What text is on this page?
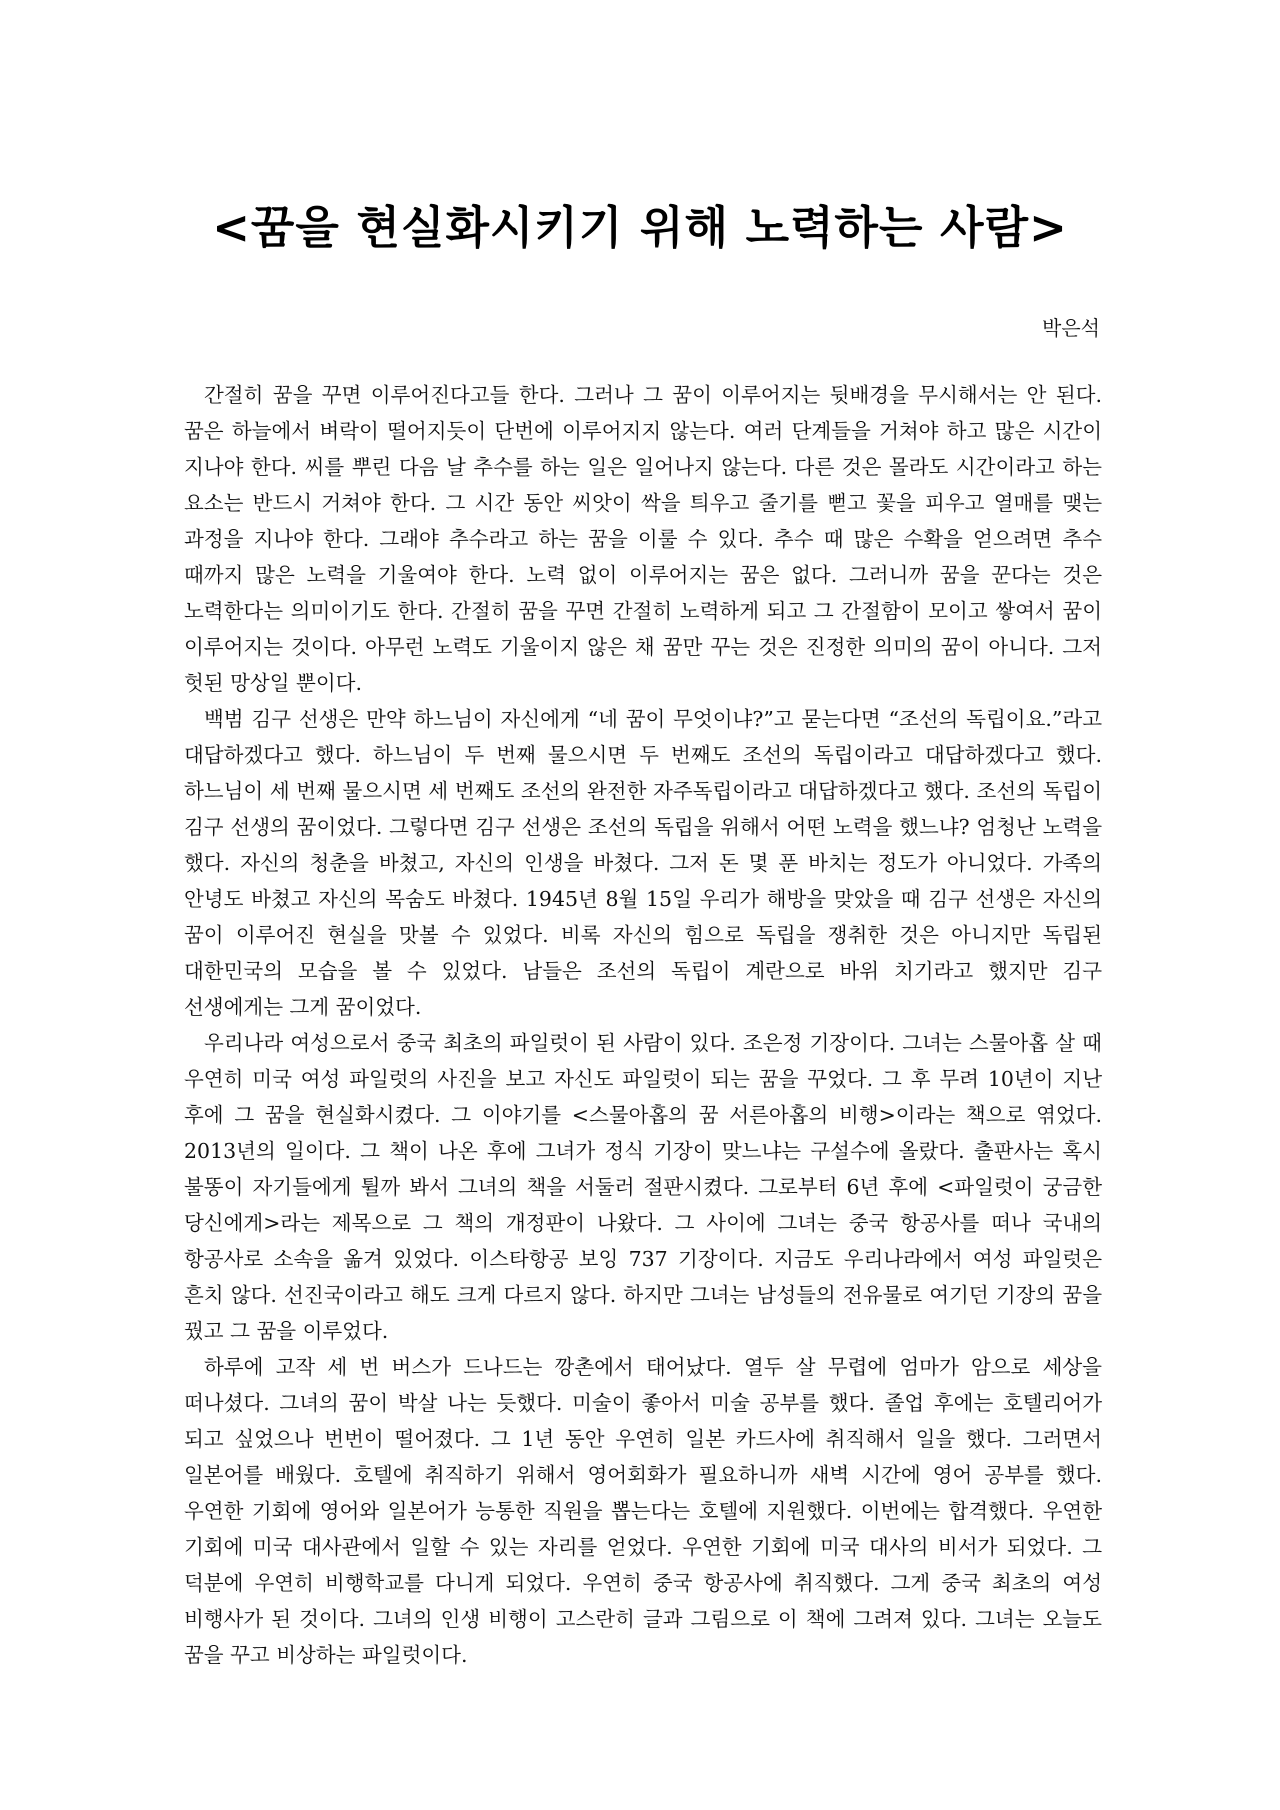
<꿈을 현실화시키기 위해 노력하는 사람>
박은석

간절히 꿈을 꾸면 이루어진다고들 한다. 그러나 그 꿈이 이루어지는 뒷배경을 무시해서는 안 된다. 꿈은 하늘에서 벼락이 떨어지듯이 단번에 이루어지지 않는다. 여러 단계들을 거쳐야 하고 많은 시간이 지나야 한다. 씨를 뿌린 다음 날 추수를 하는 일은 일어나지 않는다. 다른 것은 몰라도 시간이라고 하는 요소는 반드시 거쳐야 한다. 그 시간 동안 씨앗이 싹을 틔우고 줄기를 뻗고 꽃을 피우고 열매를 맺는 과정을 지나야 한다. 그래야 추수라고 하는 꿈을 이룰 수 있다. 추수 때 많은 수확을 얻으려면 추수 때까지 많은 노력을 기울여야 한다. 노력 없이 이루어지는 꿈은 없다. 그러니까 꿈을 꾼다는 것은 노력한다는 의미이기도 한다. 간절히 꿈을 꾸면 간절히 노력하게 되고 그 간절함이 모이고 쌓여서 꿈이 이루어지는 것이다. 아무런 노력도 기울이지 않은 채 꿈만 꾸는 것은 진정한 의미의 꿈이 아니다. 그저 헛된 망상일 뿐이다.

백범 김구 선생은 만약 하느님이 자신에게 “네 꿈이 무엇이냐?”고 묻는다면 “조선의 독립이요.”라고 대답하겠다고 했다. 하느님이 두 번째 물으시면 두 번째도 조선의 독립이라고 대답하겠다고 했다. 하느님이 세 번째 물으시면 세 번째도 조선의 완전한 자주독립이라고 대답하겠다고 했다. 조선의 독립이 김구 선생의 꿈이었다. 그렇다면 김구 선생은 조선의 독립을 위해서 어떤 노력을 했느냐? 엄청난 노력을 했다. 자신의 청춘을 바쳤고, 자신의 인생을 바쳤다. 그저 돈 몇 푼 바치는 정도가 아니었다. 가족의 안녕도 바쳤고 자신의 목숨도 바쳤다. 1945년 8월 15일 우리가 해방을 맞았을 때 김구 선생은 자신의 꿈이 이루어진 현실을 맛볼 수 있었다. 비록 자신의 힘으로 독립을 쟁취한 것은 아니지만 독립된 대한민국의 모습을 볼 수 있었다. 남들은 조선의 독립이 계란으로 바위 치기라고 했지만 김구 선생에게는 그게 꿈이었다.

우리나라 여성으로서 중국 최초의 파일럿이 된 사람이 있다. 조은정 기장이다. 그녀는 스물아홉 살 때 우연히 미국 여성 파일럿의 사진을 보고 자신도 파일럿이 되는 꿈을 꾸었다. 그 후 무려 10년이 지난 후에 그 꿈을 현실화시켰다. 그 이야기를 <스물아홉의 꿈 서른아홉의 비행>이라는 책으로 엮었다. 2013년의 일이다. 그 책이 나온 후에 그녀가 정식 기장이 맞느냐는 구설수에 올랐다. 출판사는 혹시 불똥이 자기들에게 튈까 봐서 그녀의 책을 서둘러 절판시켰다. 그로부터 6년 후에 <파일럿이 궁금한 당신에게>라는 제목으로 그 책의 개정판이 나왔다. 그 사이에 그녀는 중국 항공사를 떠나 국내의 항공사로 소속을 옮겨 있었다. 이스타항공 보잉 737 기장이다. 지금도 우리나라에서 여성 파일럿은 흔치 않다. 선진국이라고 해도 크게 다르지 않다. 하지만 그녀는 남성들의 전유물로 여기던 기장의 꿈을 꿨고 그 꿈을 이루었다.

하루에 고작 세 번 버스가 드나드는 깡촌에서 태어났다. 열두 살 무렵에 엄마가 암으로 세상을 떠나셨다. 그녀의 꿈이 박살 나는 듯했다. 미술이 좋아서 미술 공부를 했다. 졸업 후에는 호텔리어가 되고 싶었으나 번번이 떨어졌다. 그 1년 동안 우연히 일본 카드사에 취직해서 일을 했다. 그러면서 일본어를 배웠다. 호텔에 취직하기 위해서 영어회화가 필요하니까 새벽 시간에 영어 공부를 했다. 우연한 기회에 영어와 일본어가 능통한 직원을 뽑는다는 호텔에 지원했다. 이번에는 합격했다. 우연한 기회에 미국 대사관에서 일할 수 있는 자리를 얻었다. 우연한 기회에 미국 대사의 비서가 되었다. 그 덕분에 우연히 비행학교를 다니게 되었다. 우연히 중국 항공사에 취직했다. 그게 중국 최초의 여성 비행사가 된 것이다. 그녀의 인생 비행이 고스란히 글과 그림으로 이 책에 그려져 있다. 그녀는 오늘도 꿈을 꾸고 비상하는 파일럿이다.
